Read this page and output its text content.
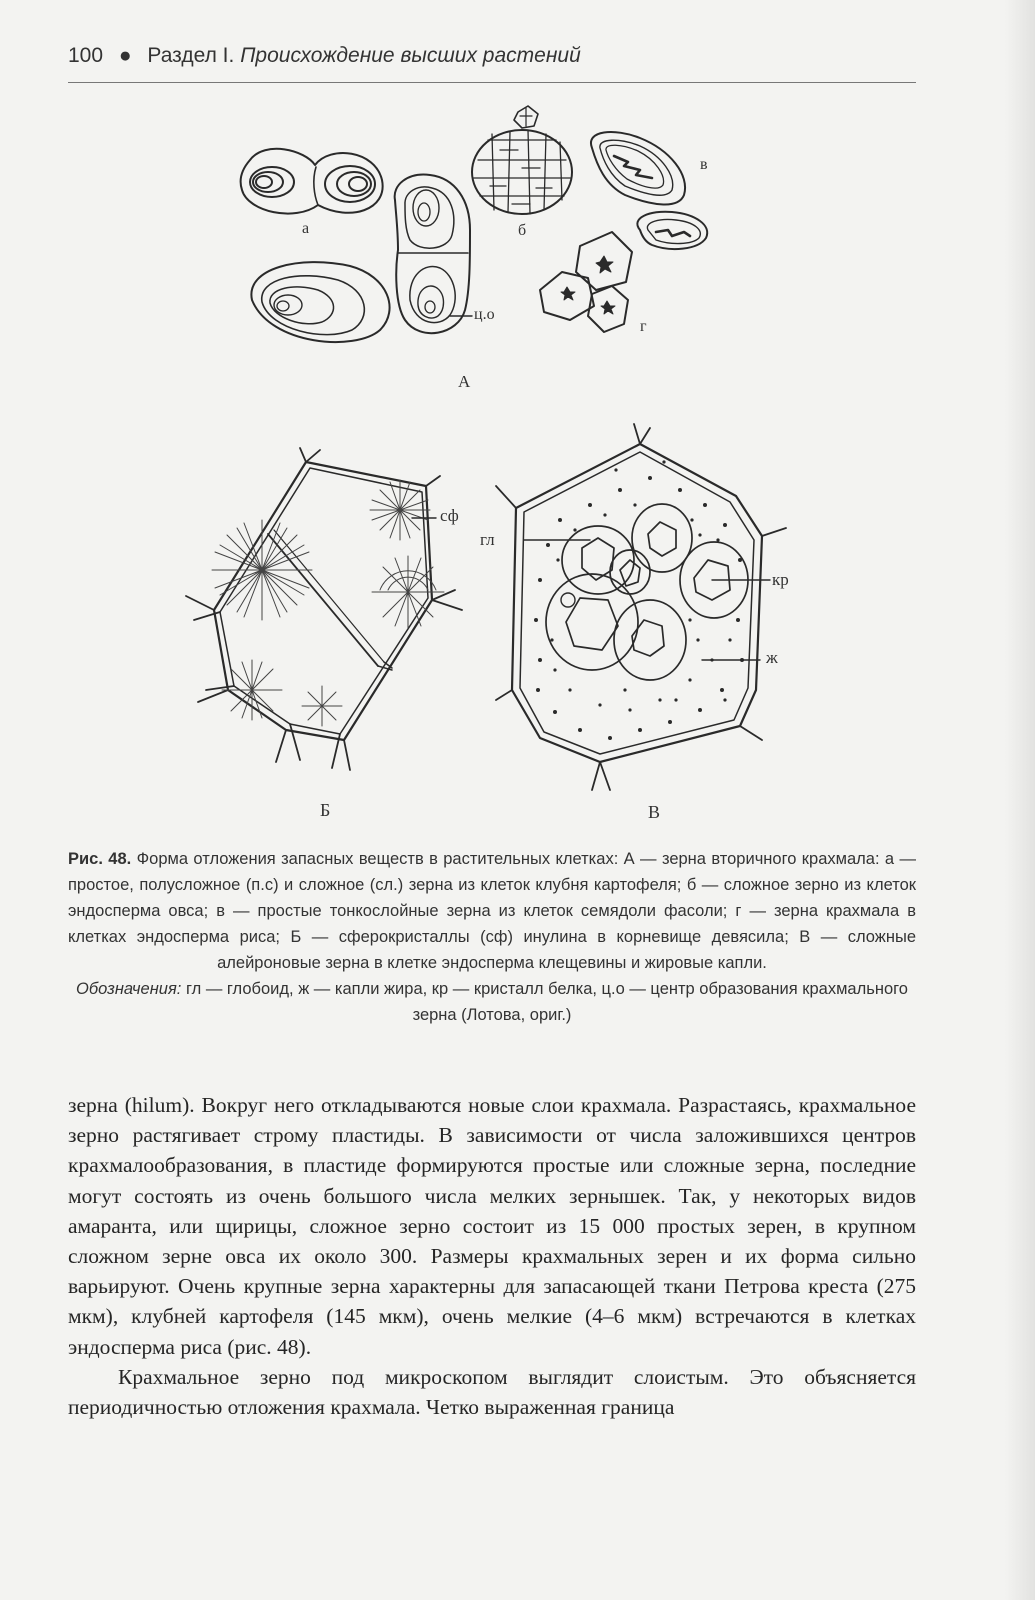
100 ● Раздел I. Происхождение высших растений
а	б
в
г
ц.о
А
сф
гл
кр
ж
Б	В
Рис. 48. Форма отложения запасных веществ в растительных клетках: А — зерна вторичного крахмала: а — простое, полусложное (п.с) и сложное (сл.) зерна из клеток клубня картофеля; б — сложное зерно из клеток эндосперма овса; в — простые тонкослойные зерна из клеток семядоли фасоли; г — зерна крахмала в клетках эндосперма риса; Б — сферокристаллы (сф) инулина в корневище девясила; В — сложные алейроновые зерна в клетке эндосперма клещевины и жировые капли.
Обозначения: гл — глобоид, ж — капли жира, кр — кристалл белка, ц.о — центр образования крахмального зерна (Лотова, ориг.)

зерна (hilum). Вокруг него откладываются новые слои крахмала. Разрастаясь, крахмальное зерно растягивает строму пластиды. В зависимости от числа заложившихся центров крахмалообразования, в пластиде формируются простые или сложные зерна, последние могут состоять из очень большого числа мелких зернышек. Так, у некоторых видов амаранта, или щирицы, сложное зерно состоит из 15 000 простых зерен, в крупном сложном зерне овса их около 300. Размеры крахмальных зерен и их форма сильно варьируют. Очень крупные зерна характерны для запасающей ткани Петрова креста (275 мкм), клубней картофеля (145 мкм), очень мелкие (4–6 мкм) встречаются в клетках эндосперма риса (рис. 48).

Крахмальное зерно под микроскопом выглядит слоистым. Это объясняется периодичностью отложения крахмала. Четко выраженная граница
